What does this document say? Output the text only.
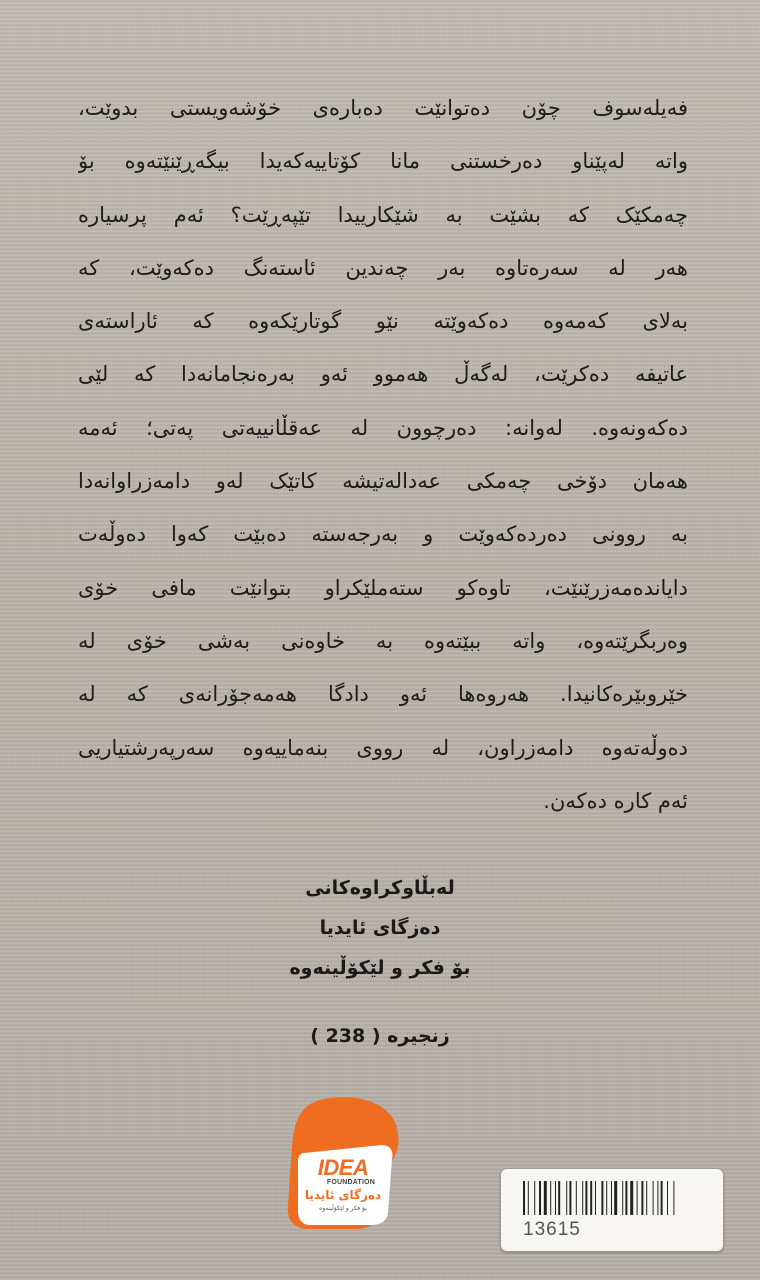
فەیلەسوف چۆن دەتوانێت دەبارەی خۆشەویستی بدوێت،
واتە لەپێناو دەرخستنی مانا کۆتاییەکەیدا بیگەڕێنێتەوە بۆ
چەمکێک کە بشێت بە شێکارییدا تێپەڕێت؟ ئەم پرسیارە
هەر لە سەرەتاوە بەر چەندین ئاستەنگ دەکەوێت، کە
بەلای کەمەوە دەکەوێتە نێو گوتارێکەوە کە ئاراستەی
عاتیفە دەکرێت، لەگەڵ هەموو ئەو بەرەنجامانەدا کە لێی
دەکەونەوە. لەوانە: دەرچوون لە عەقڵانییەتی پەتی؛ ئەمە
هەمان دۆخی چەمکی عەدالەتیشە کاتێک لەو دامەزراوانەدا
بە روونی دەردەکەوێت و بەرجەستە دەبێت کەوا دەوڵەت
دایاندەمەزرێنێت، تاوەکو ستەملێکراو بتوانێت مافی خۆی
وەربگرێتەوە، واتە ببێتەوە بە خاوەنی بەشی خۆی لە
خێروبێرەکانیدا. هەروەها ئەو دادگا هەمەجۆرانەی کە لە
دەوڵەتەوە دامەزراون، لە رووی بنەماییەوە سەرپەرشتیاریی
ئەم کارە دەکەن.
لەبڵاوکراوەکانی
دەزگای ئایدیا
بۆ فکر و لێکۆڵینەوە
زنجیرە ( 238 )
IDEA
FOUNDATION
دەزگای ئایدیا
بۆ فکر و لێکۆڵینەوە
13615
